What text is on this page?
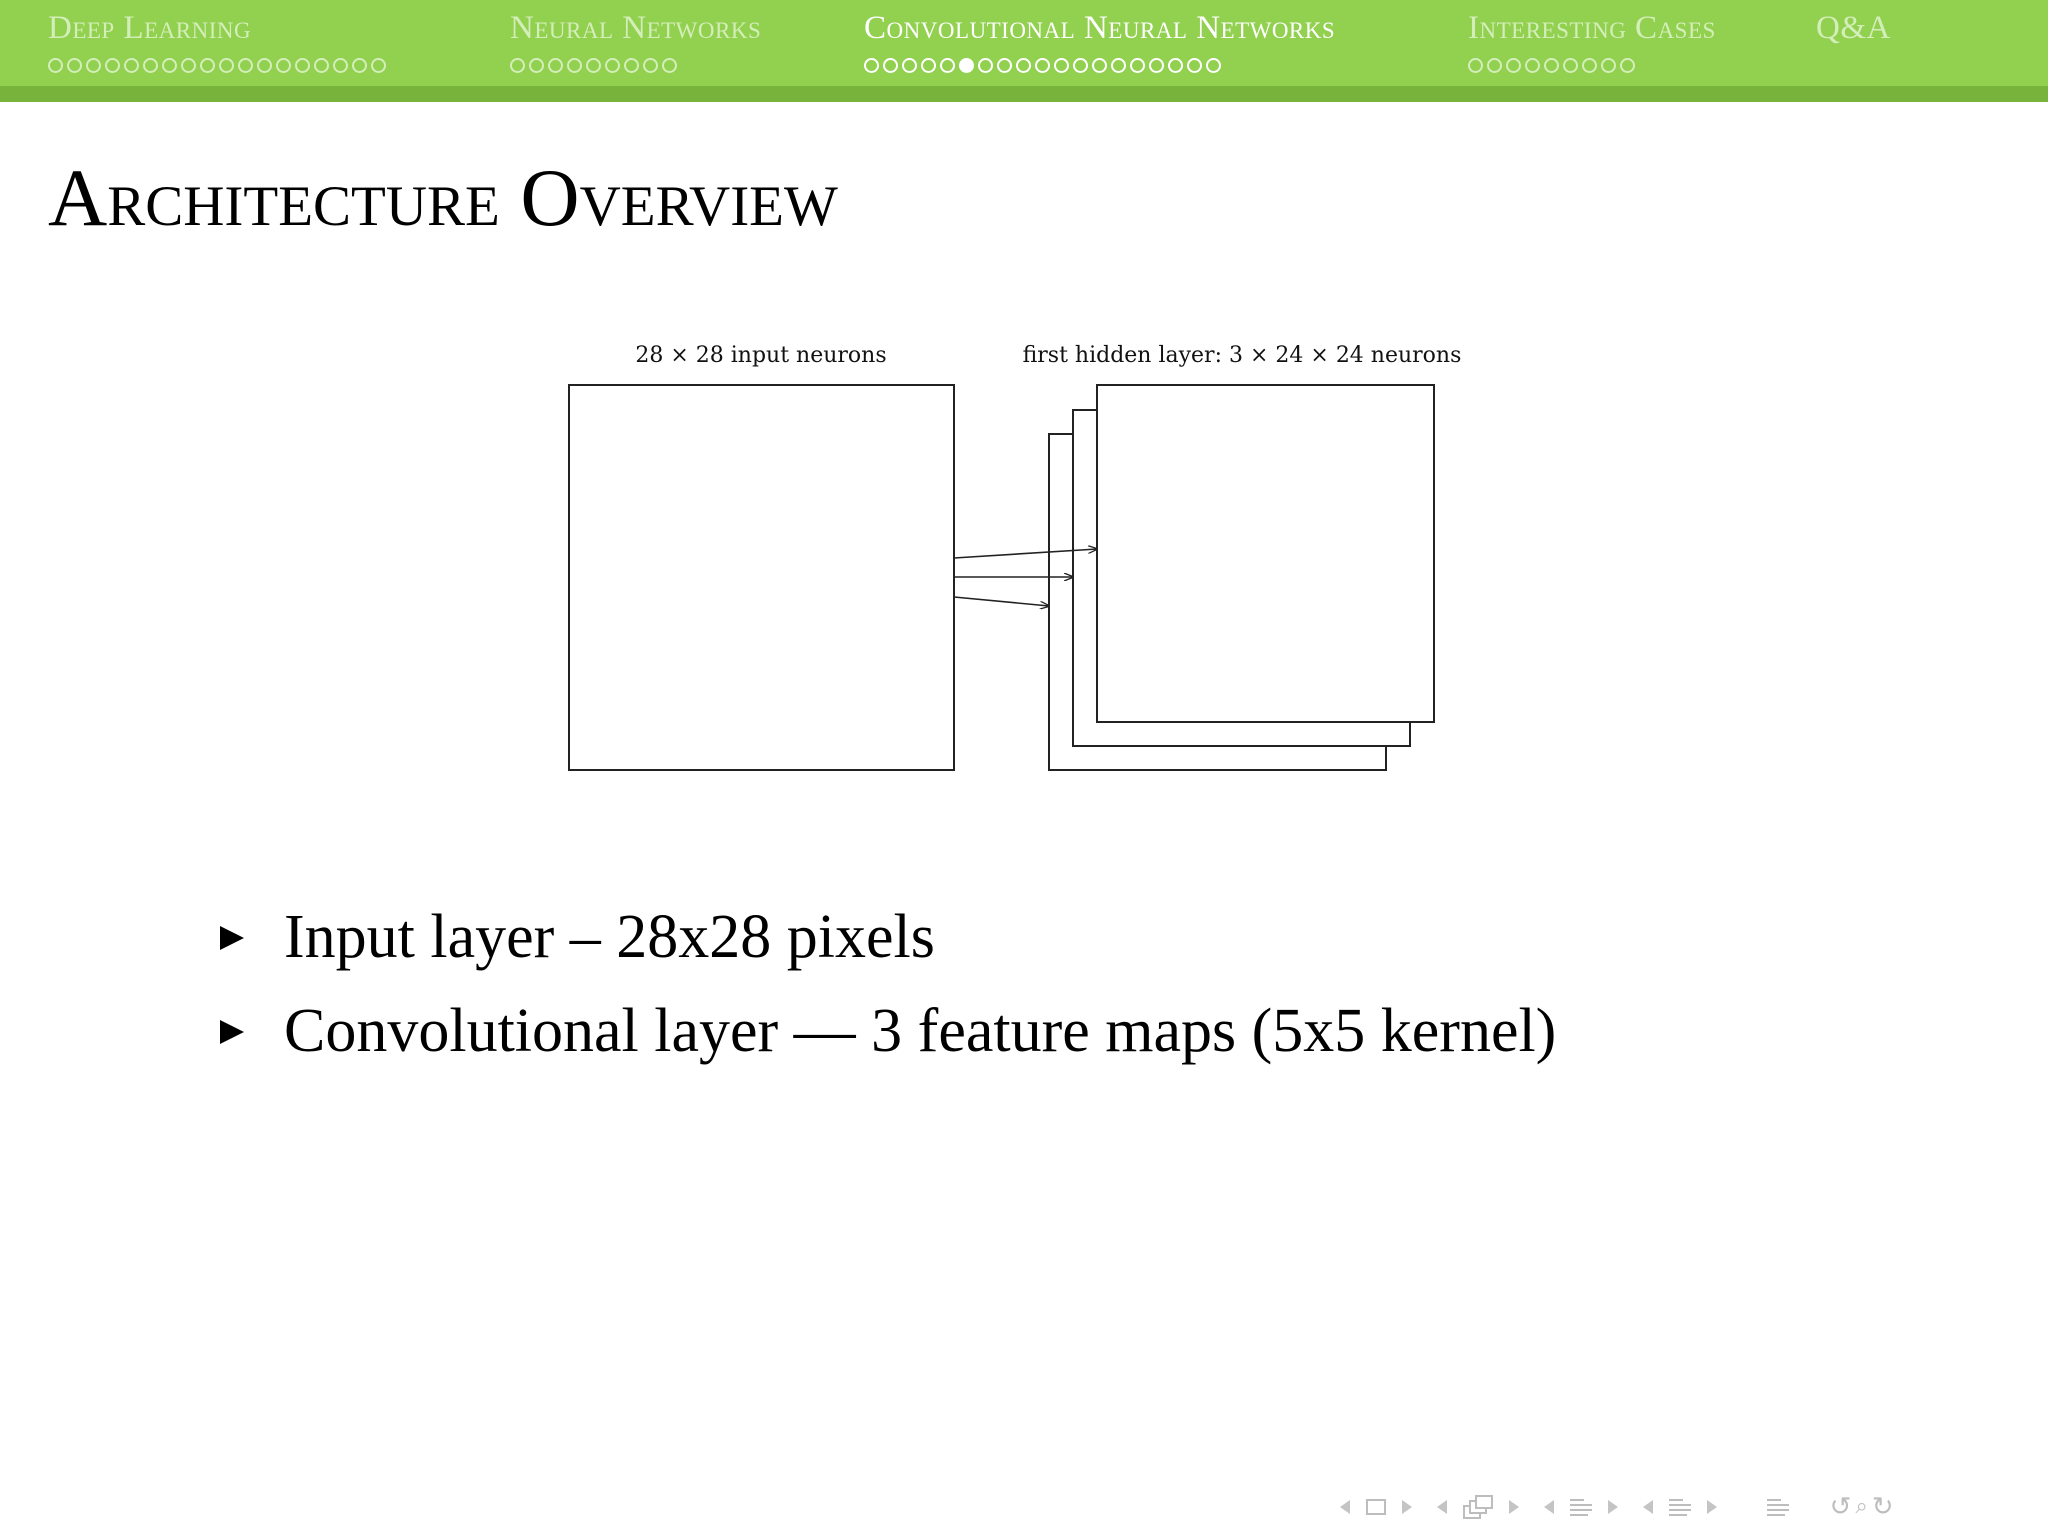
Deep Learning	Neural Networks	Convolutional Neural Networks	Interesting Cases	Q&A
Architecture Overview
28 × 28 input neurons	first hidden layer: 3 × 24 × 24 neurons
Input layer – 28x28 pixels
Convolutional layer — 3 feature maps (5x5 kernel)

↺ ⌕ ↻
